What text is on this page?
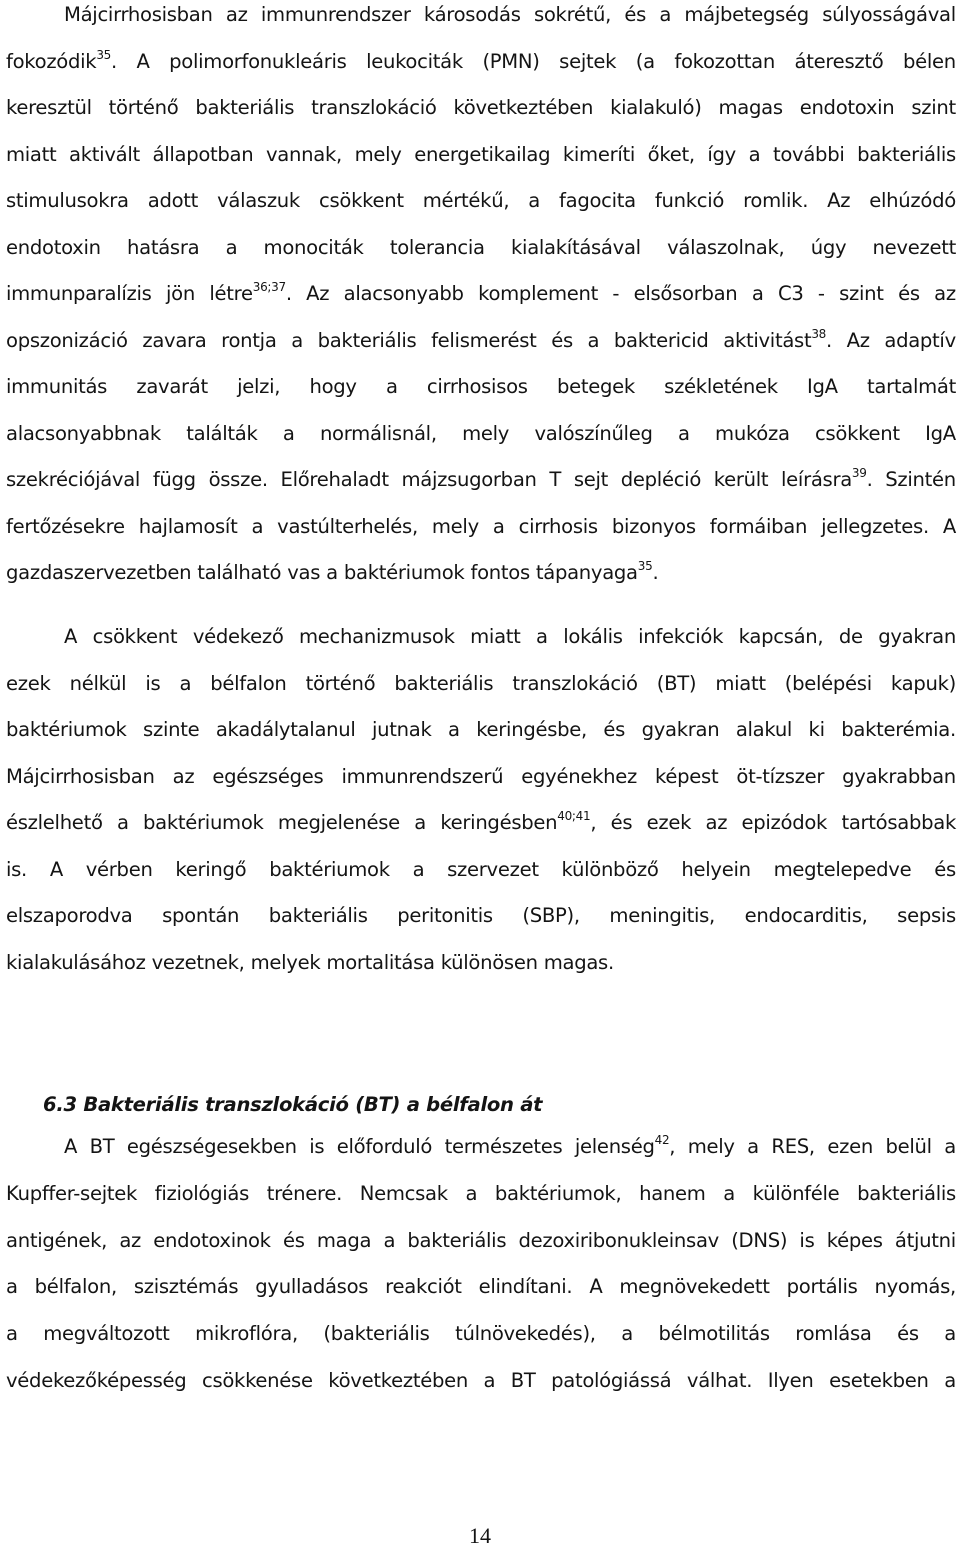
Májcirrhosisban az immunrendszer károsodás sokrétű, és a májbetegség súlyosságával
fokozódik$^{35}$. A polimorfonukleáris leukociták (PMN) sejtek (a fokozottan áteresztő bélen
keresztül történő bakteriális transzlokáció következtében kialakuló) magas endotoxin szint
miatt aktivált állapotban vannak, mely energetikailag kimeríti őket, így a további bakteriális
stimulusokra adott válaszuk csökkent mértékű, a fagocita funkció romlik. Az elhúzódó
endotoxin hatásra a monociták tolerancia kialakításával válaszolnak, úgy nevezett
immunparalízis jön létre$^{36;37}$. Az alacsonyabb komplement - elsősorban a C3 - szint és az
opszonizáció zavara rontja a bakteriális felismerést és a baktericid aktivitást$^{38}$. Az adaptív
immunitás zavarát jelzi, hogy a cirrhosisos betegek székletének IgA tartalmát
alacsonyabbnak találták a normálisnál, mely valószínűleg a mukóza csökkent IgA
szekréciójával függ össze. Előrehaladt májzsugorban T sejt depléció került leírásra$^{39}$. Szintén
fertőzésekre hajlamosít a vastúlterhelés, mely a cirrhosis bizonyos formáiban jellegzetes. A
gazdaszervezetben található vas a baktériumok fontos tápanyaga$^{35}$.
A csökkent védekező mechanizmusok miatt a lokális infekciók kapcsán, de gyakran
ezek nélkül is a bélfalon történő bakteriális transzlokáció (BT) miatt (belépési kapuk)
baktériumok szinte akadálytalanul jutnak a keringésbe, és gyakran alakul ki bakterémia.
Májcirrhosisban az egészséges immunrendszerű egyénekhez képest öt-tízszer gyakrabban
észlelhető a baktériumok megjelenése a keringésben$^{40;41}$, és ezek az epizódok tartósabbak
is. A vérben keringő baktériumok a szervezet különböző helyein megtelepedve és
elszaporodva spontán bakteriális peritonitis (SBP), meningitis, endocarditis, sepsis
kialakulásához vezetnek, melyek mortalitása különösen magas.
6.3 Bakteriális transzlokáció (BT) a bélfalon át
A BT egészségesekben is előforduló természetes jelenség$^{42}$, mely a RES, ezen belül a
Kupffer-sejtek fiziológiás trénere. Nemcsak a baktériumok, hanem a különféle bakteriális
antigének, az endotoxinok és maga a bakteriális dezoxiribonukleinsav (DNS) is képes átjutni
a bélfalon, szisztémás gyulladásos reakciót elindítani. A megnövekedett portális nyomás,
a megváltozott mikroflóra, (bakteriális túlnövekedés), a bélmotilitás romlása és a
védekezőképesség csökkenése következtében a BT patológiássá válhat. Ilyen esetekben a
14
